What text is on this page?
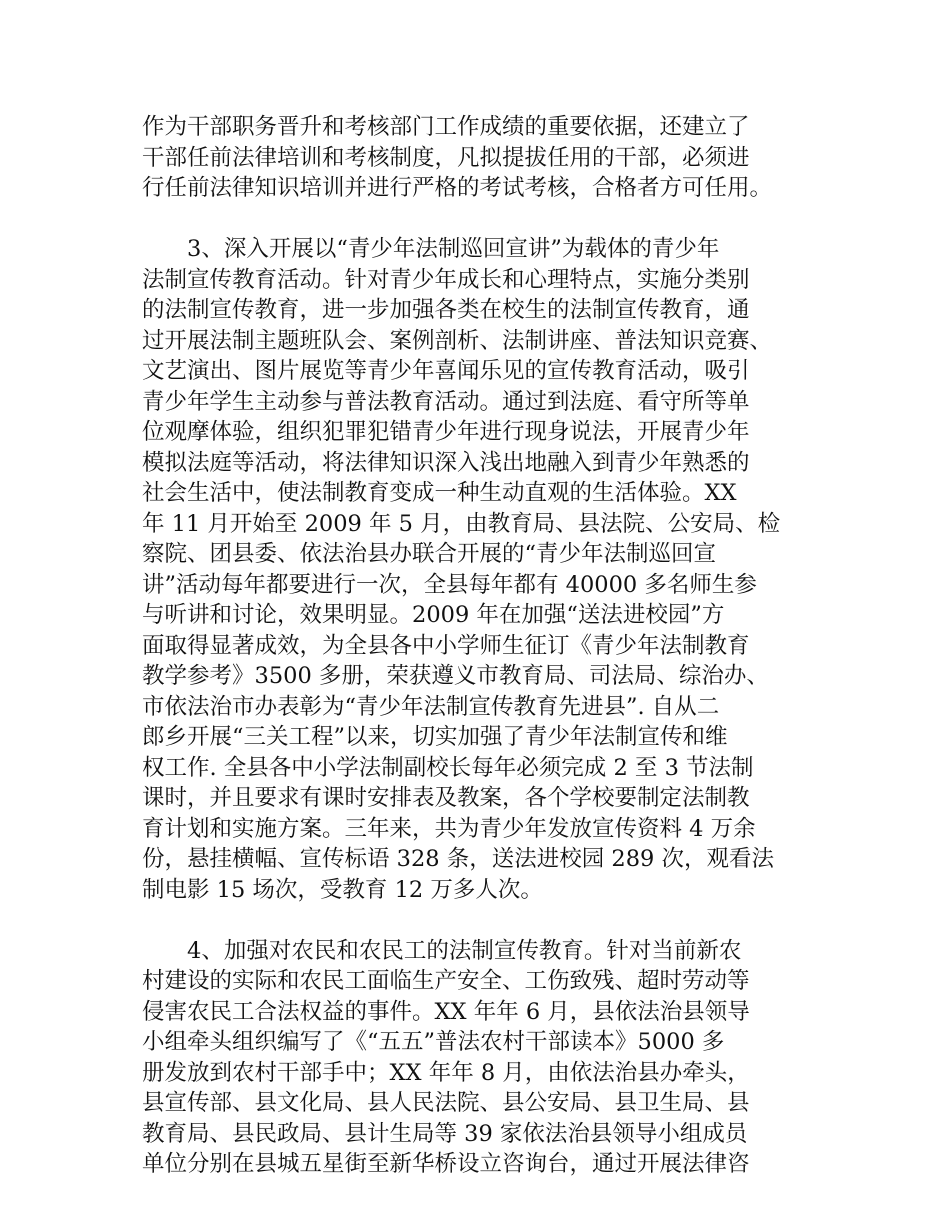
作为干部职务晋升和考核部门工作成绩的重要依据，还建立了
干部任前法律培训和考核制度，凡拟提拔任用的干部，必须进
行任前法律知识培训并进行严格的考试考核，合格者方可任用。
　　3、深入开展以“青少年法制巡回宣讲”为载体的青少年
法制宣传教育活动。针对青少年成长和心理特点，实施分类别
的法制宣传教育，进一步加强各类在校生的法制宣传教育，通
过开展法制主题班队会、案例剖析、法制讲座、普法知识竞赛、
文艺演出、图片展览等青少年喜闻乐见的宣传教育活动，吸引
青少年学生主动参与普法教育活动。通过到法庭、看守所等单
位观摩体验，组织犯罪犯错青少年进行现身说法，开展青少年
模拟法庭等活动，将法律知识深入浅出地融入到青少年熟悉的
社会生活中，使法制教育变成一种生动直观的生活体验。XX
年 11 月开始至 2009 年 5 月，由教育局、县法院、公安局、检
察院、团县委、依法治县办联合开展的“青少年法制巡回宣
讲”活动每年都要进行一次，全县每年都有 40000 多名师生参
与听讲和讨论，效果明显。2009 年在加强“送法进校园”方
面取得显著成效，为全县各中小学师生征订《青少年法制教育
教学参考》3500 多册，荣获遵义市教育局、司法局、综治办、
市依法治市办表彰为“青少年法制宣传教育先进县”. 自从二
郎乡开展“三关工程”以来，切实加强了青少年法制宣传和维
权工作. 全县各中小学法制副校长每年必须完成 2 至 3 节法制
课时，并且要求有课时安排表及教案，各个学校要制定法制教
育计划和实施方案。三年来，共为青少年发放宣传资料 4 万余
份，悬挂横幅、宣传标语 328 条，送法进校园 289 次，观看法
制电影 15 场次，受教育 12 万多人次。
　　4、加强对农民和农民工的法制宣传教育。针对当前新农
村建设的实际和农民工面临生产安全、工伤致残、超时劳动等
侵害农民工合法权益的事件。XX 年年 6 月，县依法治县领导
小组牵头组织编写了《“五五”普法农村干部读本》5000 多
册发放到农村干部手中；XX 年年 8 月，由依法治县办牵头，
县宣传部、县文化局、县人民法院、县公安局、县卫生局、县
教育局、县民政局、县计生局等 39 家依法治县领导小组成员
单位分别在县城五星街至新华桥设立咨询台，通过开展法律咨
